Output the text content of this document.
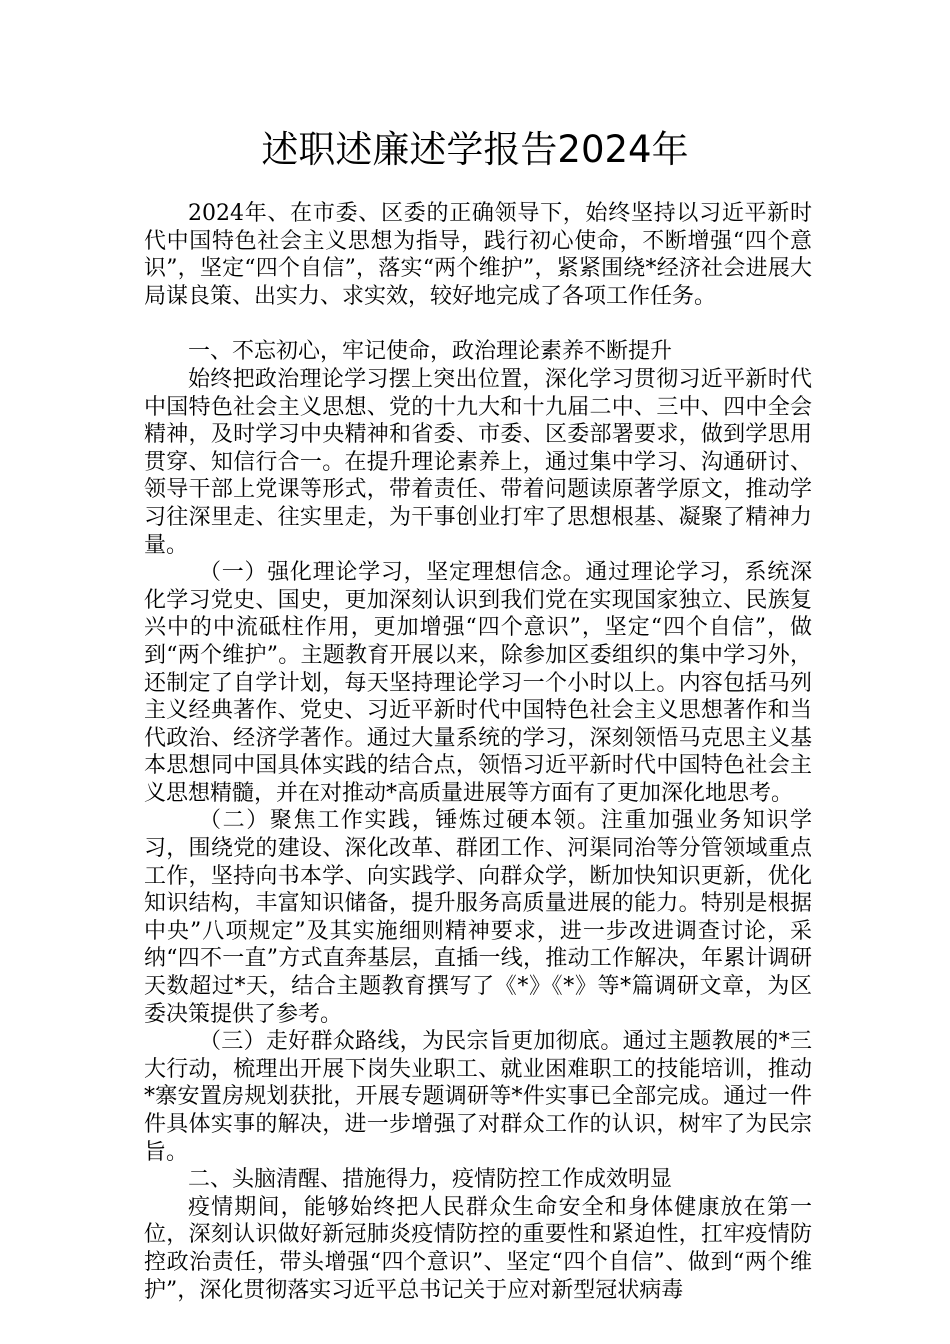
述职述廉述学报告2024年

2024年、在市委、区委的正确领导下，始终坚持以习近平新时代中国特色社会主义思想为指导，践行初心使命，不断增强“四个意识”，坚定“四个自信”，落实“两个维护”，紧紧围绕*经济社会进展大局谋良策、出实力、求实效，较好地完成了各项工作任务。

一、不忘初心，牢记使命，政治理论素养不断提升

始终把政治理论学习摆上突出位置，深化学习贯彻习近平新时代中国特色社会主义思想、党的十九大和十九届二中、三中、四中全会精神，及时学习中央精神和省委、市委、区委部署要求，做到学思用贯穿、知信行合一。在提升理论素养上，通过集中学习、沟通研讨、领导干部上党课等形式，带着责任、带着问题读原著学原文，推动学习往深里走、往实里走，为干事创业打牢了思想根基、凝聚了精神力量。

（一）强化理论学习，坚定理想信念。通过理论学习，系统深化学习党史、国史，更加深刻认识到我们党在实现国家独立、民族复兴中的中流砥柱作用，更加增强“四个意识”，坚定“四个自信”，做到“两个维护”。主题教育开展以来，除参加区委组织的集中学习外，还制定了自学计划，每天坚持理论学习一个小时以上。内容包括马列主义经典著作、党史、习近平新时代中国特色社会主义思想著作和当代政治、经济学著作。通过大量系统的学习，深刻领悟马克思主义基本思想同中国具体实践的结合点，领悟习近平新时代中国特色社会主义思想精髓，并在对推动*高质量进展等方面有了更加深化地思考。

（二）聚焦工作实践，锤炼过硬本领。注重加强业务知识学习，围绕党的建设、深化改革、群团工作、河渠同治等分管领域重点工作，坚持向书本学、向实践学、向群众学，断加快知识更新，优化知识结构，丰富知识储备，提升服务高质量进展的能力。特别是根据中央”八项规定”及其实施细则精神要求，进一步改进调查讨论，采纳“四不一直”方式直奔基层，直插一线，推动工作解决，年累计调研天数超过*天，结合主题教育撰写了《*》《*》等*篇调研文章，为区委决策提供了参考。

（三）走好群众路线，为民宗旨更加彻底。通过主题教展的*三大行动，梳理出开展下岗失业职工、就业困难职工的技能培训，推动*寨安置房规划获批，开展专题调研等*件实事已全部完成。通过一件件具体实事的解决，进一步增强了对群众工作的认识，树牢了为民宗旨。

二、头脑清醒、措施得力，疫情防控工作成效明显

疫情期间，能够始终把人民群众生命安全和身体健康放在第一位，深刻认识做好新冠肺炎疫情防控的重要性和紧迫性，扛牢疫情防控政治责任，带头增强“四个意识”、坚定“四个自信”、做到“两个维护”，深化贯彻落实习近平总书记关于应对新型冠状病毒
